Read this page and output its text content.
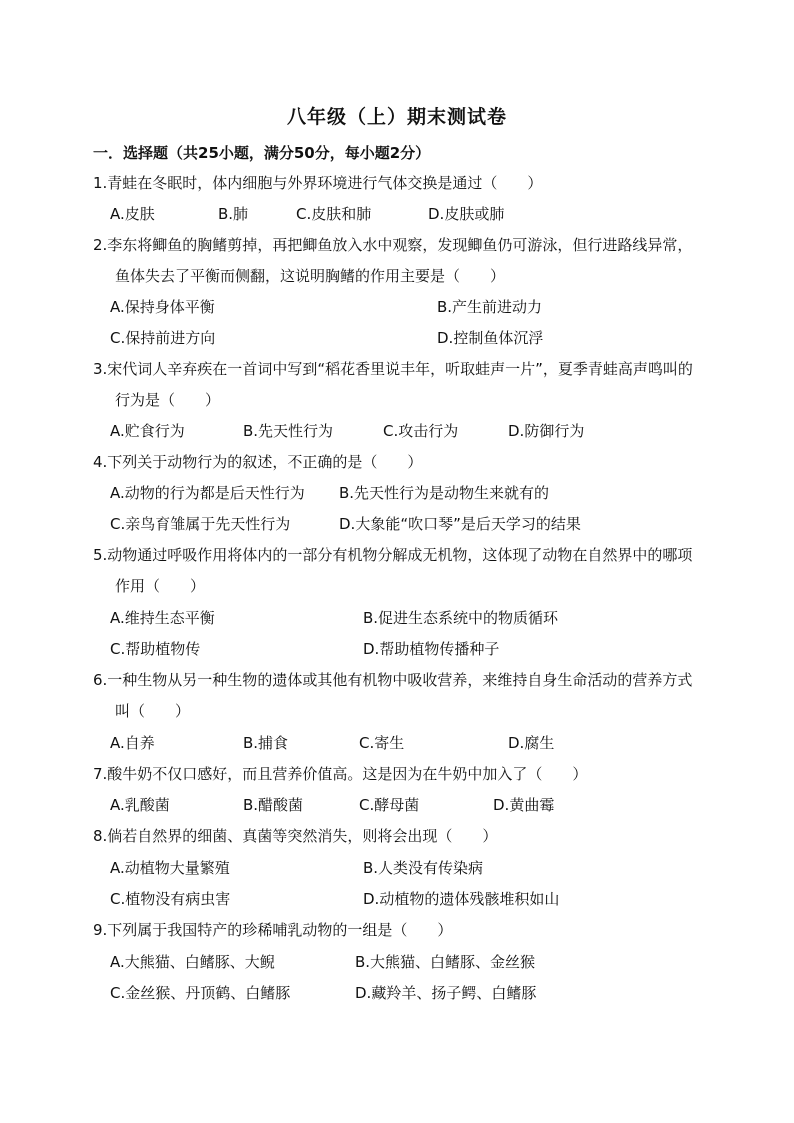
八年级（上）期末测试卷
一．选择题（共25小题，满分50分，每小题2分）
1.青蛙在冬眠时，体内细胞与外界环境进行气体交换是通过（　　）
A.皮肤	B.肺	C.皮肤和肺	D.皮肤或肺
2.李东将鲫鱼的胸鳍剪掉，再把鲫鱼放入水中观察，发现鲫鱼仍可游泳，但行进路线异常，鱼体失去了平衡而侧翻，这说明胸鳍的作用主要是（　　）
A.保持身体平衡	B.产生前进动力
C.保持前进方向	D.控制鱼体沉浮
3.宋代词人辛弃疾在一首词中写到“稻花香里说丰年，听取蛙声一片”，夏季青蛙高声鸣叫的行为是（　　）
A.贮食行为	B.先天性行为	C.攻击行为	D.防御行为
4.下列关于动物行为的叙述，不正确的是（　　）
A.动物的行为都是后天性行为 B.先天性行为是动物生来就有的
C.亲鸟育雏属于先天性行为	D.大象能“吹口琴”是后天学习的结果
5.动物通过呼吸作用将体内的一部分有机物分解成无机物，这体现了动物在自然界中的哪项作用（　　）
A.维持生态平衡	B.促进生态系统中的物质循环
C.帮助植物传	D.帮助植物传播种子
6.一种生物从另一种生物的遗体或其他有机物中吸收营养，来维持自身生命活动的营养方式叫（　　）
A.自养	B.捕食	C.寄生	D.腐生
7.酸牛奶不仅口感好，而且营养价值高。这是因为在牛奶中加入了（　　）
A.乳酸菌	B.醋酸菌	C.酵母菌	D.黄曲霉
8.倘若自然界的细菌、真菌等突然消失，则将会出现（　　）
A.动植物大量繁殖	B.人类没有传染病
C.植物没有病虫害	D.动植物的遗体残骸堆积如山
9.下列属于我国特产的珍稀哺乳动物的一组是（　　）
A.大熊猫、白鳍豚、大鲵	B.大熊猫、白鳍豚、金丝猴
C.金丝猴、丹顶鹤、白鳍豚	D.藏羚羊、扬子鳄、白鳍豚
